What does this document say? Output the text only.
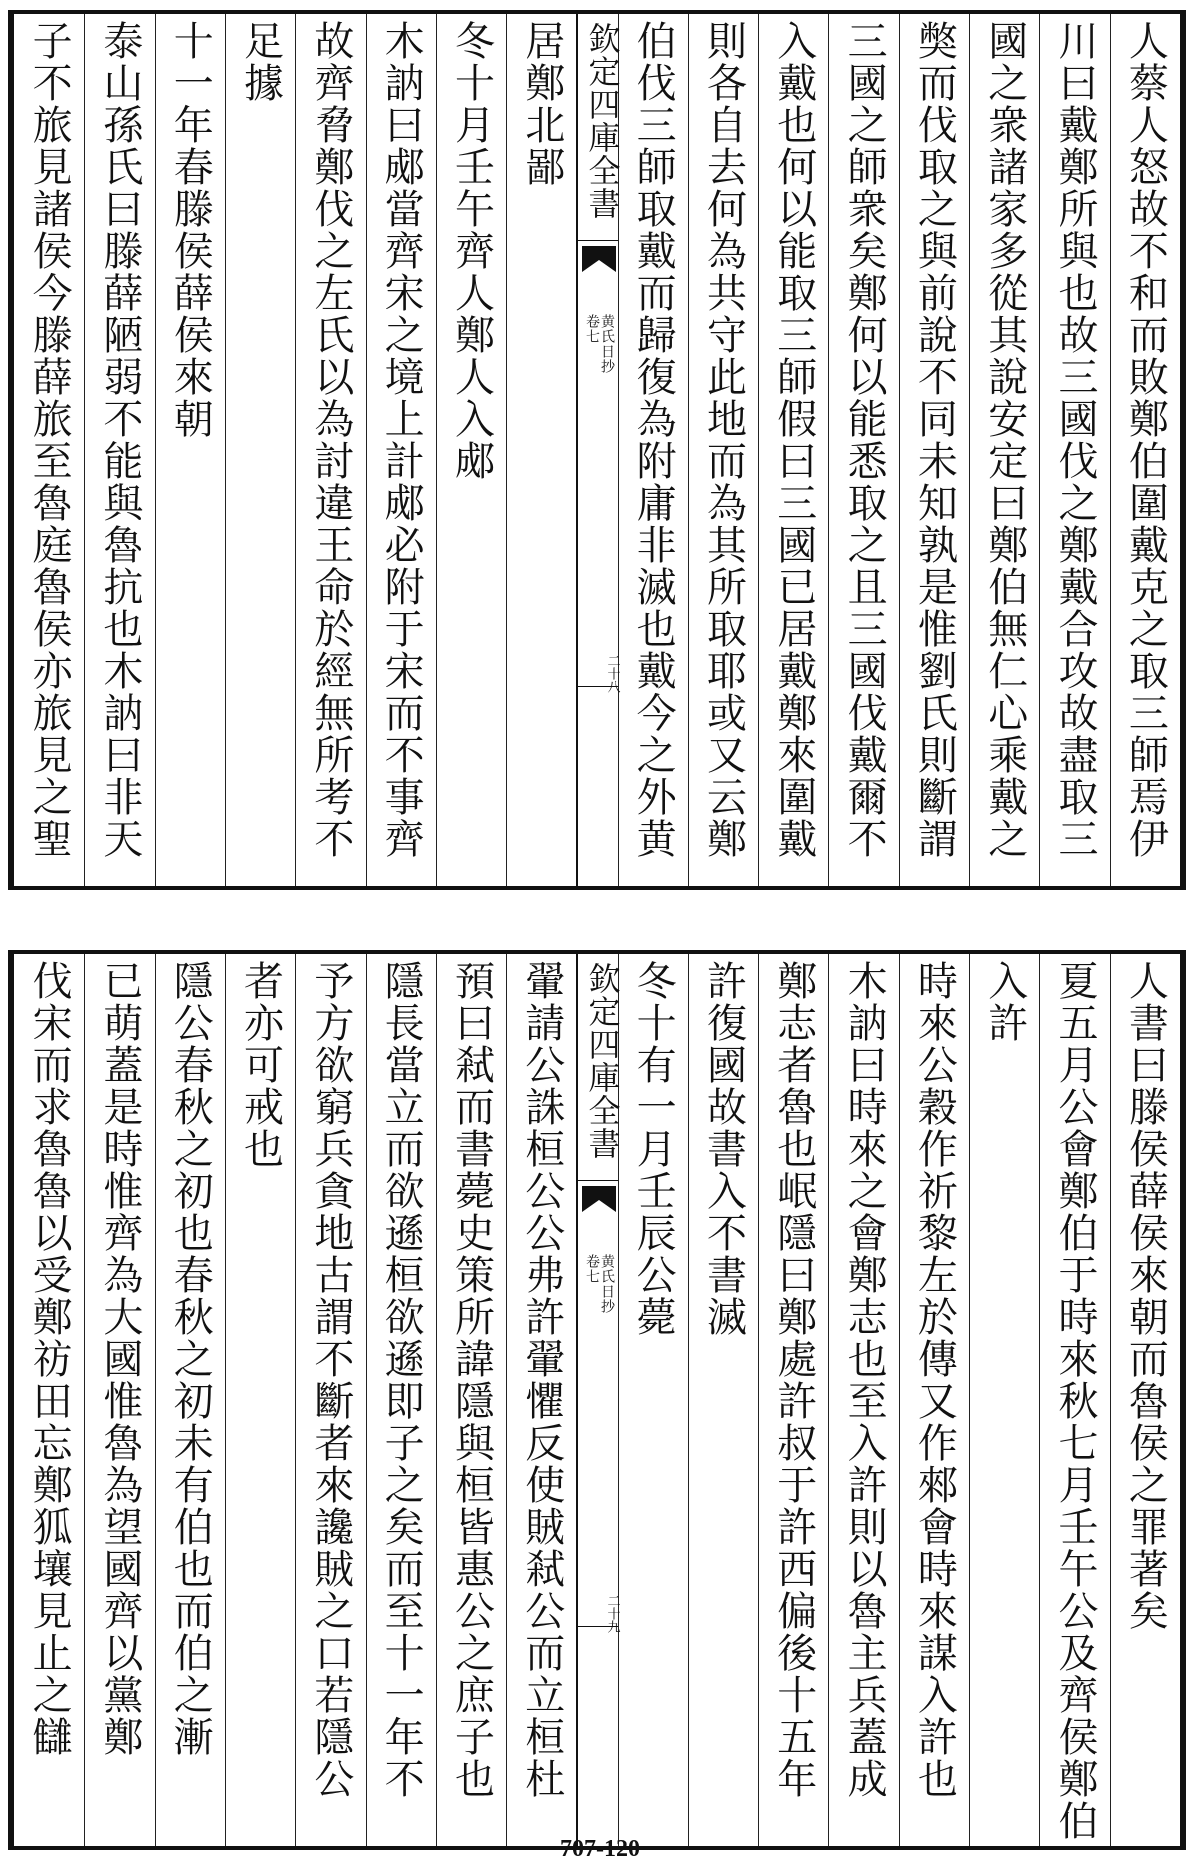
人蔡人怒故不和而敗鄭伯圍戴克之取三師焉伊
川曰戴鄭所與也故三國伐之鄭戴合攻故盡取三
國之衆諸家多從其說安定曰鄭伯無仁心乘戴之
獘而伐取之與前說不同未知孰是惟劉氏則斷謂
三國之師衆矣鄭何以能悉取之且三國伐戴爾不
入戴也何以能取三師假曰三國已居戴鄭來圍戴
則各自去何為共守此地而為其所取耶或又云鄭
伯伐三師取戴而歸復為附庸非滅也戴今之外黄
欽定四庫全書
黄氏日抄
卷七
二十八
居鄭北鄙
冬十月壬午齊人鄭人入郕
木訥曰郕當齊宋之境上計郕必附于宋而不事齊
故齊脅鄭伐之左氏以為討違王命於經無所考不
足據
十一年春滕侯薛侯來朝
泰山孫氏曰滕薛陋弱不能與魯抗也木訥曰非天
子不旅見諸侯今滕薛旅至魯庭魯侯亦旅見之聖
人書曰滕侯薛侯來朝而魯侯之罪著矣
夏五月公會鄭伯于時來秋七月壬午公及齊侯鄭伯
入許
時來公穀作祈黎左於傳又作郲會時來謀入許也
木訥曰時來之會鄭志也至入許則以魯主兵蓋成
鄭志者魯也岷隱曰鄭處許叔于許西偏後十五年
許復國故書入不書滅
冬十有一月壬辰公薨
欽定四庫全書
黄氏日抄
卷七
二十九
翬請公誅桓公公弗許翬懼反使賊弒公而立桓杜
預曰弒而書薨史策所諱隱與桓皆惠公之庶子也
隱長當立而欲遜桓欲遜即子之矣而至十一年不
予方欲窮兵貪地古謂不斷者來讒賊之口若隱公
者亦可戒也
隱公春秋之初也春秋之初未有伯也而伯之漸
已萌蓋是時惟齊為大國惟魯為望國齊以黨鄭
伐宋而求魯魯以受鄭祊田忘鄭狐壤見止之讎
707-120
